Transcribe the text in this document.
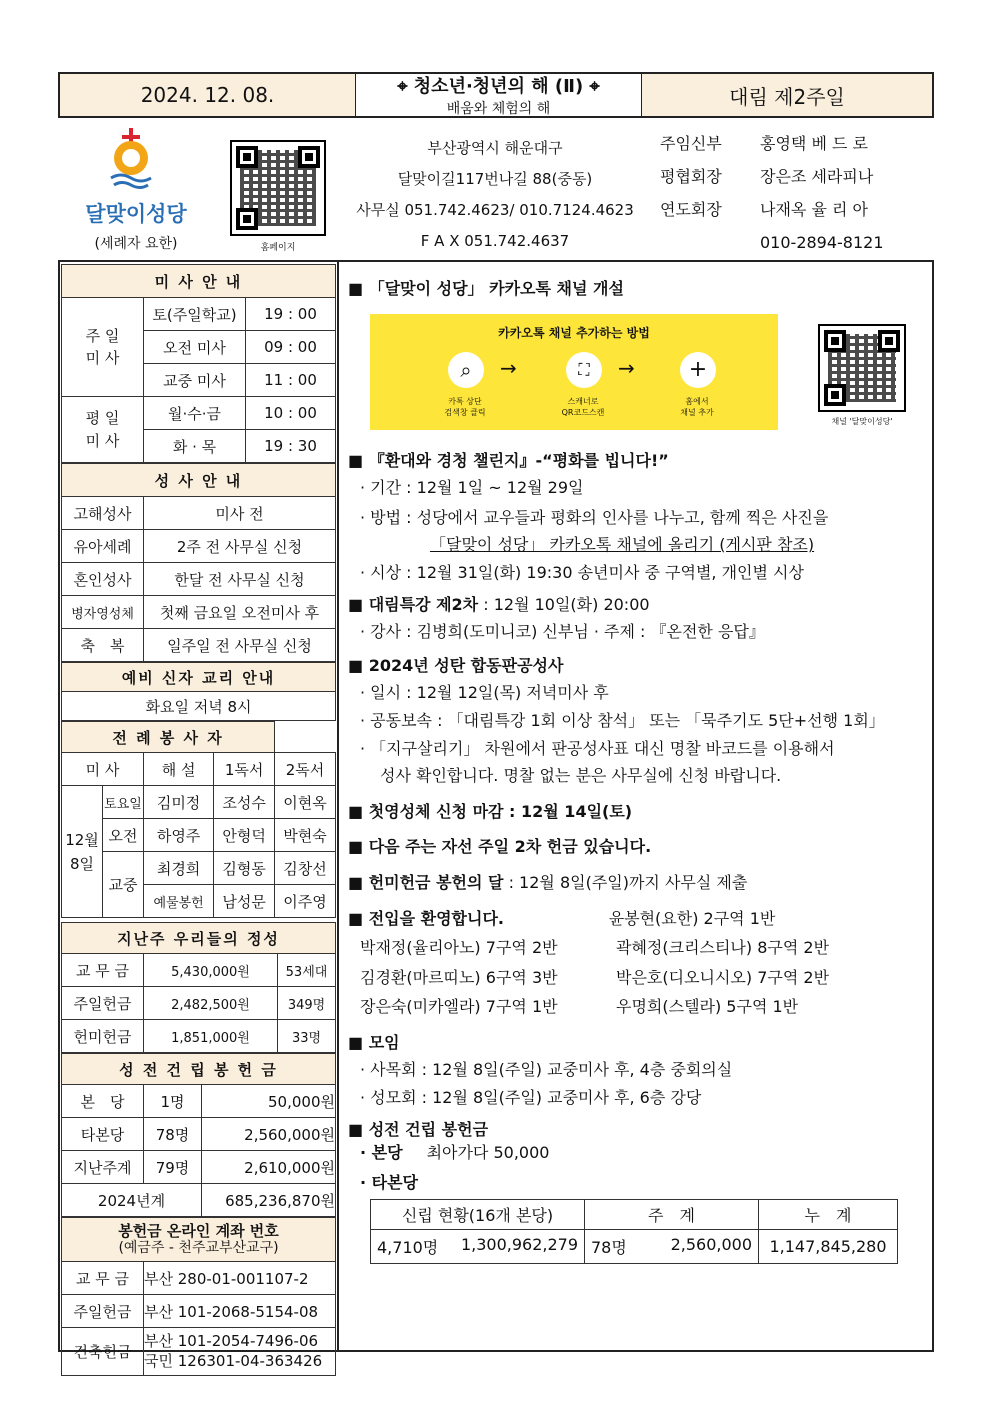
2024. 12. 08.	⌖ 청소년·청년의 해 (Ⅱ) ⌖
배움와 체험의 해
대림 제2주일
달맞이성당
(세례자 요한)	홈페이지
부산광역시 해운대구
달맞이길117번나길 88(중동)
사무실 051.742.4623/ 010.7124.4623
F A X 051.742.4637
주임신부 홍영택 베 드 로
평협회장 장은조 세라피나
연도회장 나재옥 율 리 아
010-2894-8121
미 사 안 내		
주 일
미 사	토(주일학교)	19 : 00
	오전 미사	09 : 00
	교중 미사	11 : 00
평 일
미 사	월·수·금	10 : 00
	화 · 목	19 : 30
성 사 안 내	
고해성사	미사 전
유아세례	2주 전 사무실 신청
혼인성사	한달 전 사무실 신청
병자영성체	첫째 금요일 오전미사 후
축　복	일주일 전 사무실 신청
예비 신자 교리 안내
화요일 저녁 8시
전 례 봉 사 자				
미 사		해 설	1독서	2독서
12월
8일	토요일	김미정	조성수	이현옥
	오전	하영주	안형덕	박현숙
	교중	최경희	김형동	김창선
		예물봉헌	남성문	이주영
지난주 우리들의 정성		
교 무 금	5,430,000원	53세대
주일헌금	2,482,500원	349명
헌미헌금	1,851,000원	33명
성 전 건 립 봉 헌 금		
본　당	1명	50,000원
타본당	78명	2,560,000원
지난주계	79명	2,610,000원
2024년계		685,236,870원
봉헌금 온라인 계좌 번호
(예금주 - 천주교부산교구)	

교 무 금	부산 280-01-001107-2
주일헌금	부산 101-2068-5154-08
건축헌금	부산 101-2054-7496-06
국민 126301-04-363426

■ 「달맞이 성당」 카카오톡 채널 개설

카카오톡 채널 추가하는 방법
⌕	→	⛶	→	+
카톡 상단
검색창 클릭
스캐너로
QR코드스캔
홈에서
채널 추가
채널 '달맞이성당'

■ 『환대와 경청 챌린지』-“평화를 빕니다!”

· 기간 : 12월 1일 ~ 12월 29일

· 방법 : 성당에서 교우들과 평화의 인사를 나누고, 함께 찍은 사진을

「달맞이 성당」 카카오톡 채널에 올리기 (게시판 참조)

· 시상 : 12월 31일(화) 19:30 송년미사 중 구역별, 개인별 시상

■ 대림특강 제2차 : 12월 10일(화) 20:00

· 강사 : 김병희(도미니코) 신부님 · 주제 : 『온전한 응답』

■ 2024년 성탄 합동판공성사

· 일시 : 12월 12일(목) 저녁미사 후

· 공동보속 : 「대림특강 1회 이상 참석」 또는 「묵주기도 5단+선행 1회」

· 「지구살리기」 차원에서 판공성사표 대신 명찰 바코드를 이용해서

성사 확인합니다. 명찰 없는 분은 사무실에 신청 바랍니다.

■ 첫영성체 신청 마감 : 12월 14일(토)

■ 다음 주는 자선 주일 2차 헌금 있습니다.

■ 헌미헌금 봉헌의 달 : 12월 8일(주일)까지 사무실 제출

■ 전입을 환영합니다.	윤봉현(요한) 2구역 1반

박재정(율리아노) 7구역 2반	곽혜정(크리스티나) 8구역 2반

김경환(마르띠노) 6구역 3반	박은호(디오니시오) 7구역 2반

장은숙(미카엘라) 7구역 1반	우명희(스텔라) 5구역 1반

■ 모임

· 사목회 : 12월 8일(주일) 교중미사 후, 4층 중회의실

· 성모회 : 12월 8일(주일) 교중미사 후, 6층 강당

■ 성전 건립 봉헌금

· 본당 최아가다 50,000

· 타본당

신립 현황(16개 본당)	주　계	누　계
4,710명 1,300,962,279	78명 2,560,000	1,147,845,280
